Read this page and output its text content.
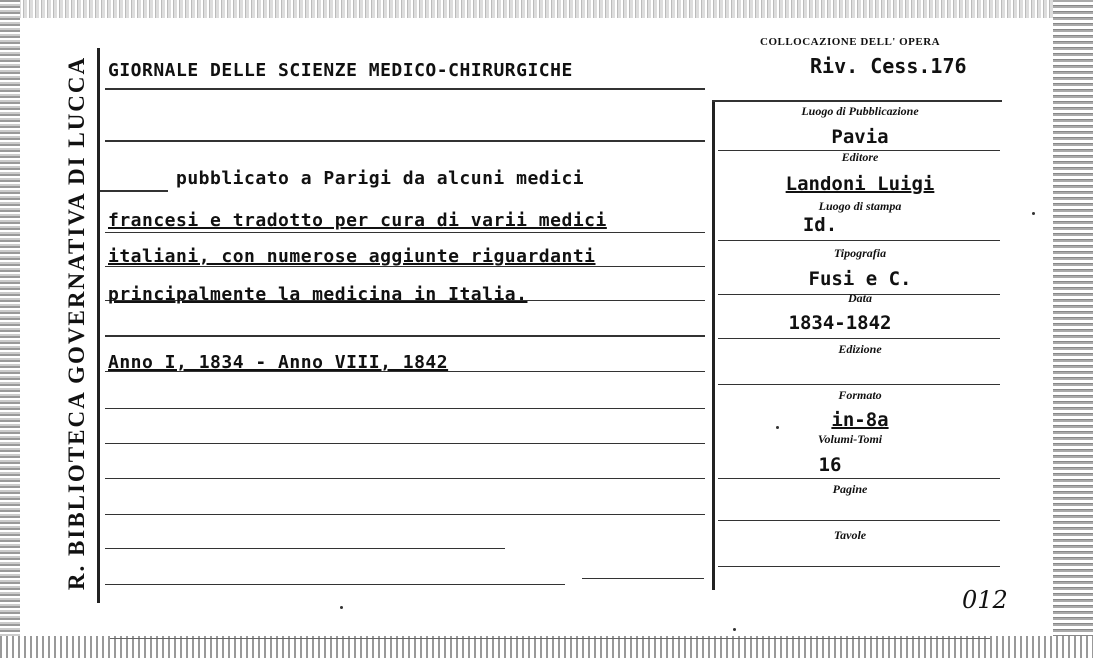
R. BIBLIOTECA GOVERNATIVA DI LUCCA GIORNALE DELLE SCIENZE MEDICO-CHIRURGICHE
pubblicato a Parigi da alcuni medici
francesi e tradotto per cura di varii medici
italiani, con numerose aggiunte riguardanti
principalmente la medicina in Italia.
Anno I, 1834 - Anno VIII, 1842
COLLOCAZIONE DELL' OPERA
Riv. Cess.176
Luogo di Pubblicazione
Pavia
Editore
Landoni Luigi
Luogo di stampa
Id.
Tipografia
Fusi e C.
Data
1834-1842
Edizione
Formato
in-8a
Volumi-Tomi
16
Pagine
Tavole
012
